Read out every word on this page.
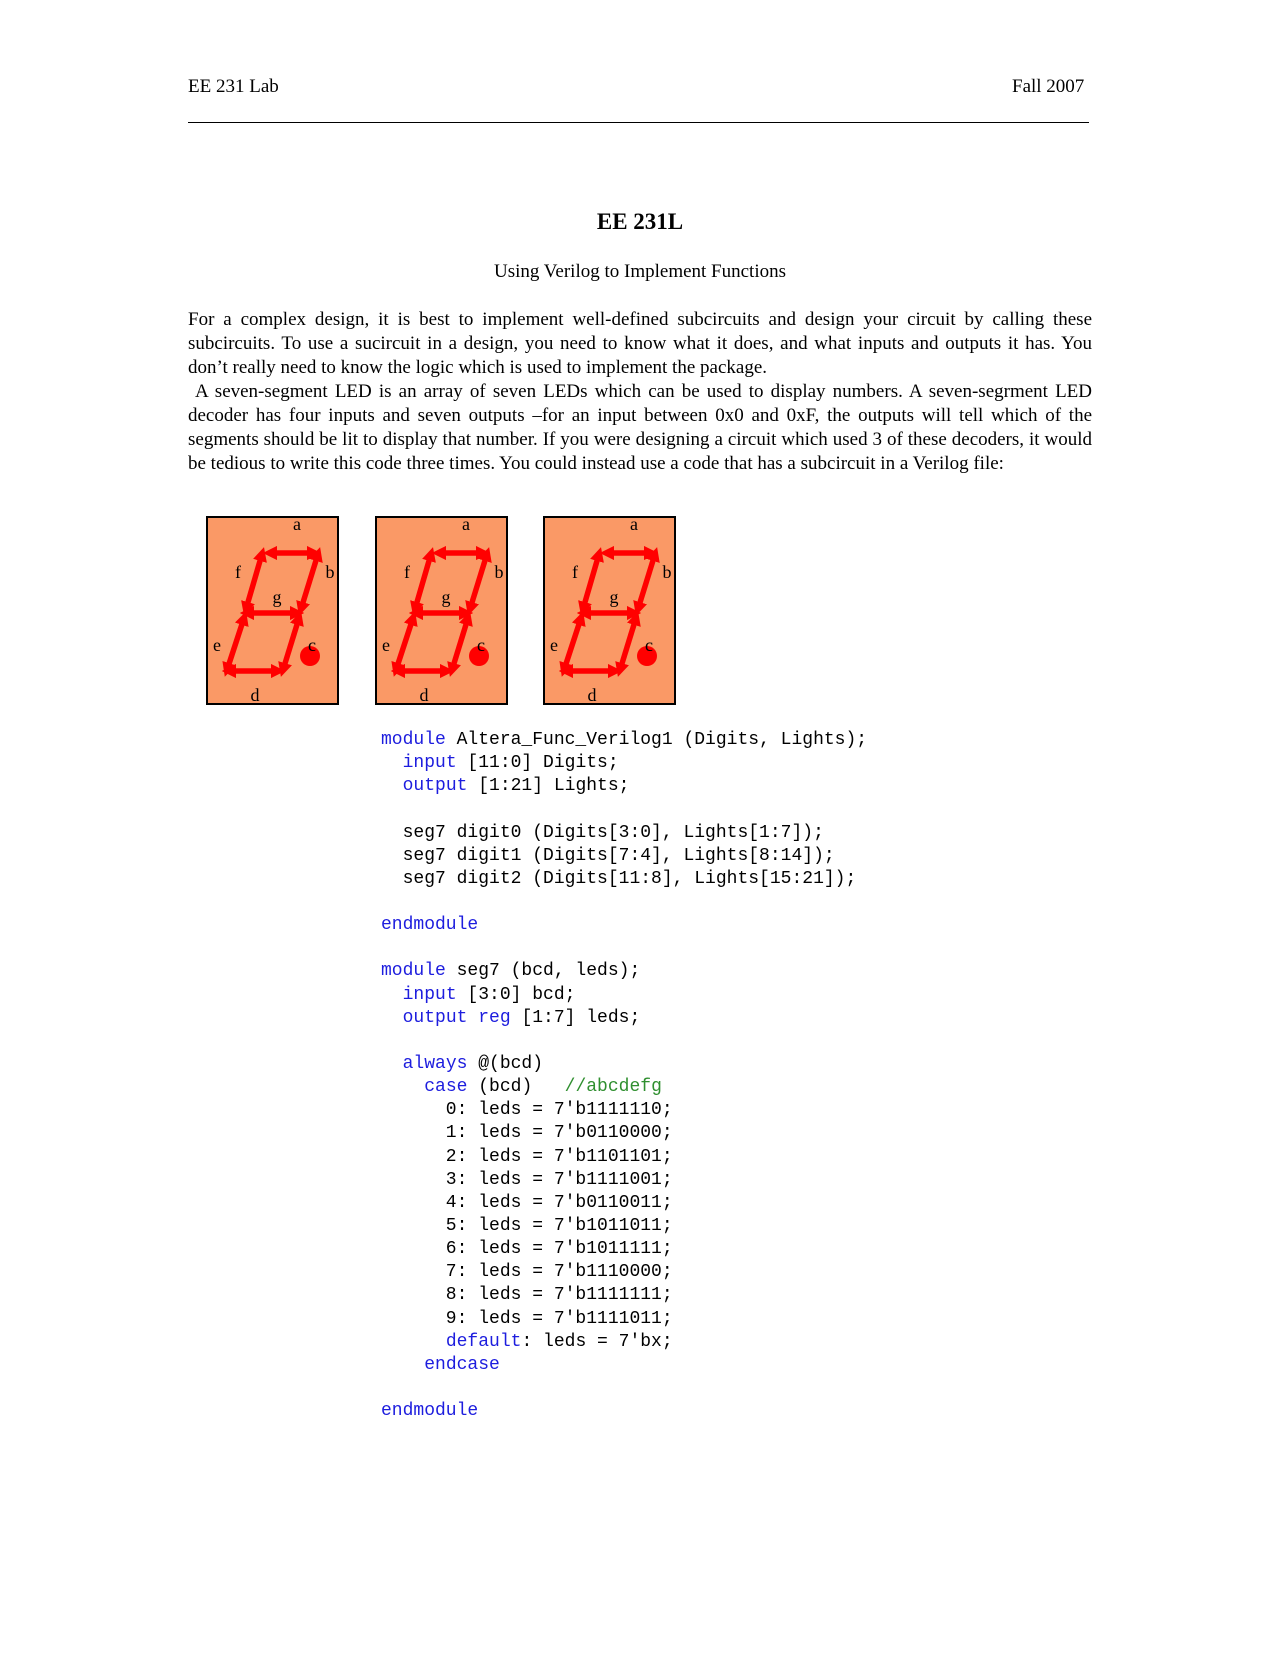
EE 231 Lab	Fall 2007
EE 231L
Using Verilog to Implement Functions

For a complex design, it is best to implement well-defined subcircuits and design your circuit by calling these subcircuits. To use a sucircuit in a design, you need to know what it does, and what inputs and outputs it has. You don’t really need to know the logic which is used to implement the package.

A seven-segment LED is an array of seven LEDs which can be used to display numbers. A seven-segrment LED decoder has four inputs and seven outputs –for an input between 0x0 and 0xF, the outputs will tell which of the segments should be lit to display that number. If you were designing a circuit which used 3 of these decoders, it would be tedious to write this code three times. You could instead use a code that has a subcircuit in a Verilog file:

a
b
c
d
e
f
g
a
b
c
d
e
f
g
a
b
c
d
e
f
g
module Altera_Func_Verilog1 (Digits, Lights);
input [11:0] Digits;
output [1:21] Lights;

seg7 digit0 (Digits[3:0], Lights[1:7]);
seg7 digit1 (Digits[7:4], Lights[8:14]);
seg7 digit2 (Digits[11:8], Lights[15:21]);

endmodule

module seg7 (bcd, leds);
input [3:0] bcd;
output reg [1:7] leds;

always @(bcd)
case (bcd)   //abcdefg
0: leds = 7'b1111110;
1: leds = 7'b0110000;
2: leds = 7'b1101101;
3: leds = 7'b1111001;
4: leds = 7'b0110011;
5: leds = 7'b1011011;
6: leds = 7'b1011111;
7: leds = 7'b1110000;
8: leds = 7'b1111111;
9: leds = 7'b1111011;
default: leds = 7'bx;
endcase

endmodule
